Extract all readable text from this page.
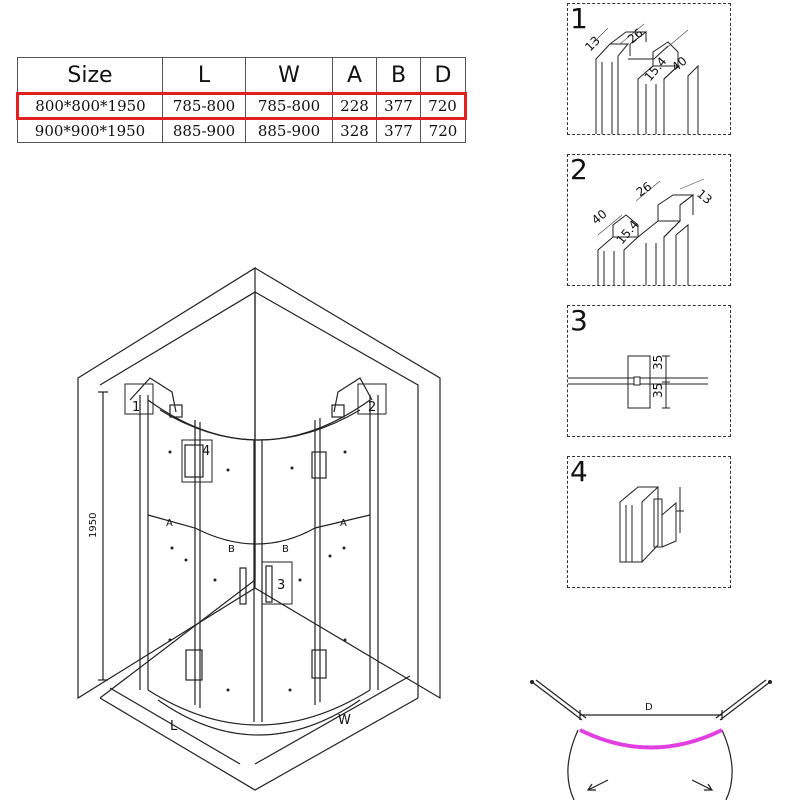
Size	L	W	A	B	D
800*800*1950	785-800	785-800	228	377	720
900*900*1950	885-900	885-900	328	377	720
13 26
40
15.4
1
40
26	13
15.4
2
35
35
3
4
1950
L	W
A	A
B	B
1	2
3
4
D
